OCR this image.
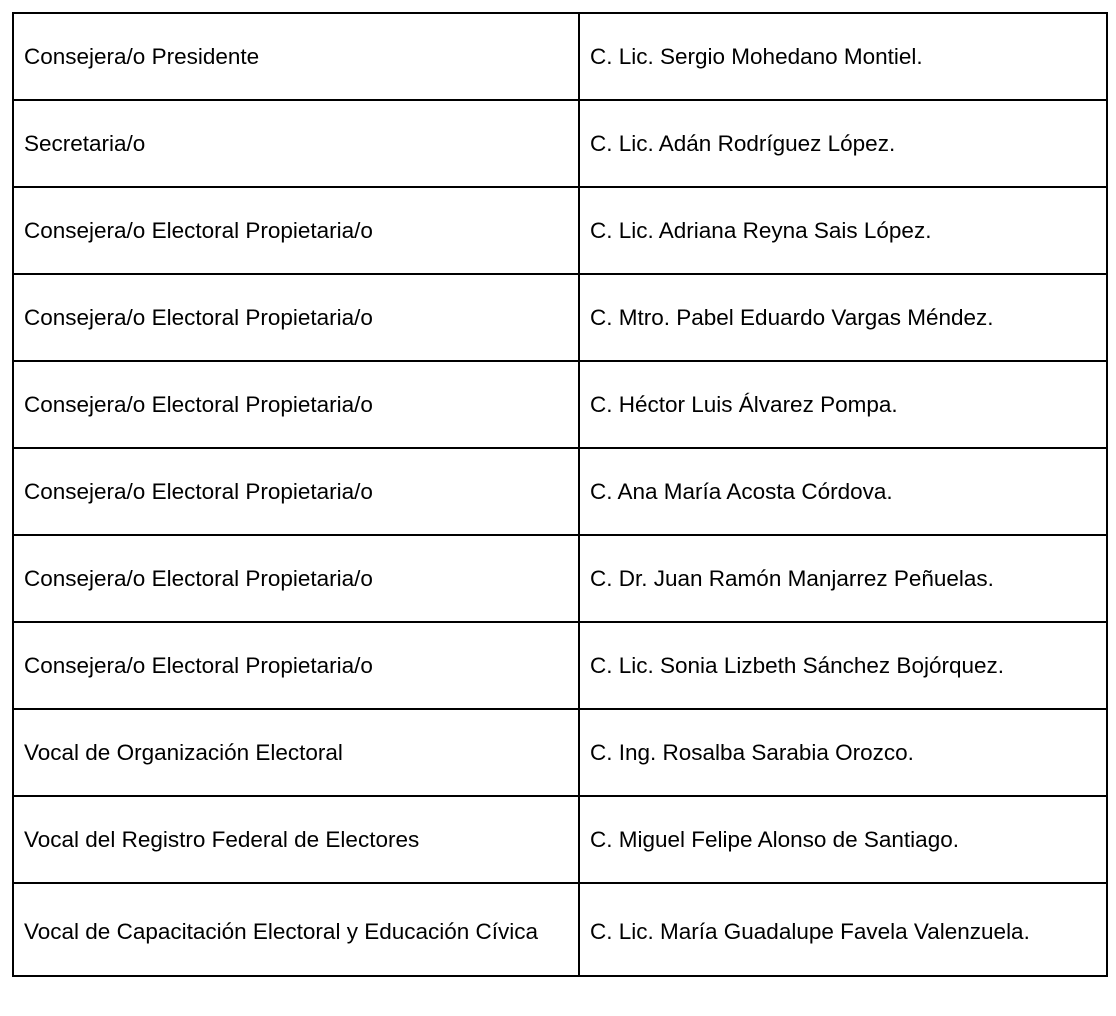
Consejera/o Presidente	C. Lic. Sergio Mohedano Montiel.
Secretaria/o	C. Lic. Adán Rodríguez López.
Consejera/o Electoral Propietaria/o	C. Lic. Adriana Reyna Sais López.
Consejera/o Electoral Propietaria/o	C. Mtro. Pabel Eduardo Vargas Méndez.
Consejera/o Electoral Propietaria/o	C. Héctor Luis Álvarez Pompa.
Consejera/o Electoral Propietaria/o	C. Ana María Acosta Córdova.
Consejera/o Electoral Propietaria/o	C. Dr. Juan Ramón Manjarrez Peñuelas.
Consejera/o Electoral Propietaria/o	C. Lic. Sonia Lizbeth Sánchez Bojórquez.
Vocal de Organización Electoral	C. Ing. Rosalba Sarabia Orozco.
Vocal del Registro Federal de Electores	C. Miguel Felipe Alonso de Santiago.
Vocal de Capacitación Electoral y Educación Cívica	C. Lic. María Guadalupe Favela Valenzuela.
